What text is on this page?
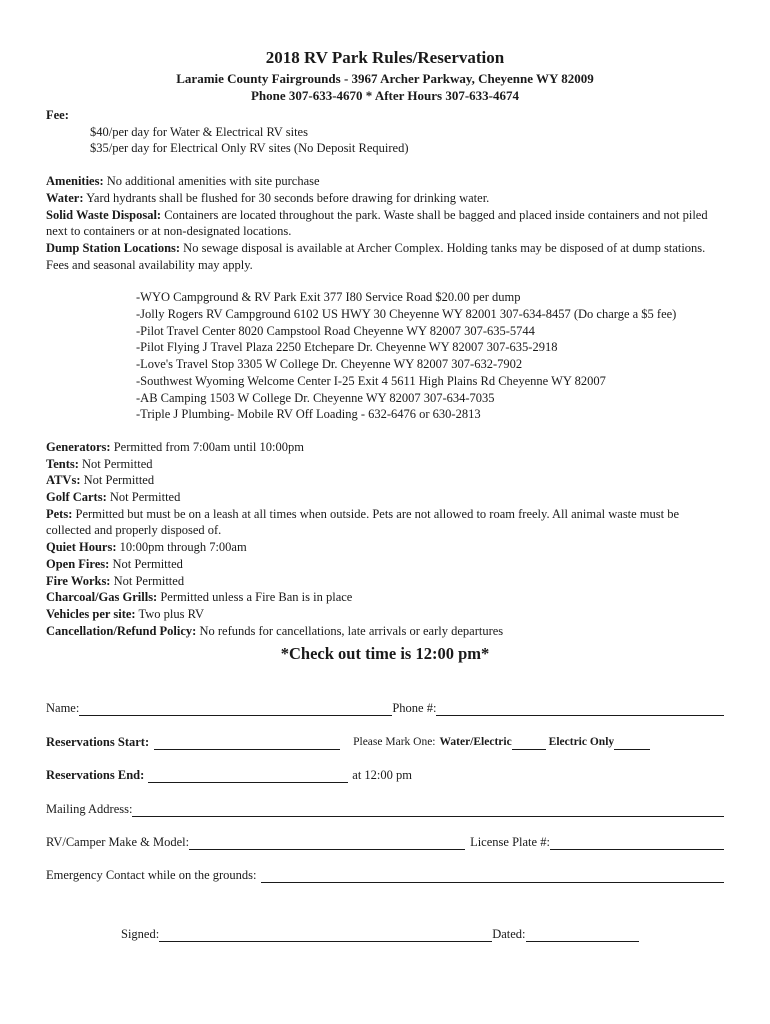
2018 RV Park Rules/Reservation
Laramie County Fairgrounds - 3967 Archer Parkway, Cheyenne WY 82009
Phone 307-633-4670 * After Hours 307-633-4674
Fee:
$40/per day for Water & Electrical RV sites
$35/per day for Electrical Only RV sites (No Deposit Required)
Amenities: No additional amenities with site purchase
Water: Yard hydrants shall be flushed for 30 seconds before drawing for drinking water.
Solid Waste Disposal: Containers are located throughout the park. Waste shall be bagged and placed inside containers and not piled next to containers or at non-designated locations.
Dump Station Locations: No sewage disposal is available at Archer Complex. Holding tanks may be disposed of at dump stations. Fees and seasonal availability may apply.
-WYO Campground & RV Park Exit 377 I80 Service Road $20.00 per dump
-Jolly Rogers RV Campground 6102 US HWY 30 Cheyenne WY 82001 307-634-8457 (Do charge a $5 fee)
-Pilot Travel Center 8020 Campstool Road Cheyenne WY 82007 307-635-5744
-Pilot Flying J Travel Plaza 2250 Etchepare Dr. Cheyenne WY 82007 307-635-2918
-Love's Travel Stop 3305 W College Dr. Cheyenne WY 82007 307-632-7902
-Southwest Wyoming Welcome Center I-25 Exit 4 5611 High Plains Rd Cheyenne WY 82007
-AB Camping 1503 W College Dr. Cheyenne WY 82007 307-634-7035
-Triple J Plumbing- Mobile RV Off Loading - 632-6476 or 630-2813
Generators: Permitted from 7:00am until 10:00pm
Tents: Not Permitted
ATVs: Not Permitted
Golf Carts: Not Permitted
Pets: Permitted but must be on a leash at all times when outside. Pets are not allowed to roam freely. All animal waste must be collected and properly disposed of.
Quiet Hours: 10:00pm through 7:00am
Open Fires: Not Permitted
Fire Works: Not Permitted
Charcoal/Gas Grills: Permitted unless a Fire Ban is in place
Vehicles per site: Two plus RV
Cancellation/Refund Policy: No refunds for cancellations, late arrivals or early departures
*Check out time is 12:00 pm*
Name:	Phone #:
Reservations Start:	Please Mark One: Water/Electric	Electric Only
Reservations End:	at 12:00 pm
Mailing Address:
RV/Camper Make & Model:	License Plate #:
Emergency Contact while on the grounds:
Signed:	Dated:
